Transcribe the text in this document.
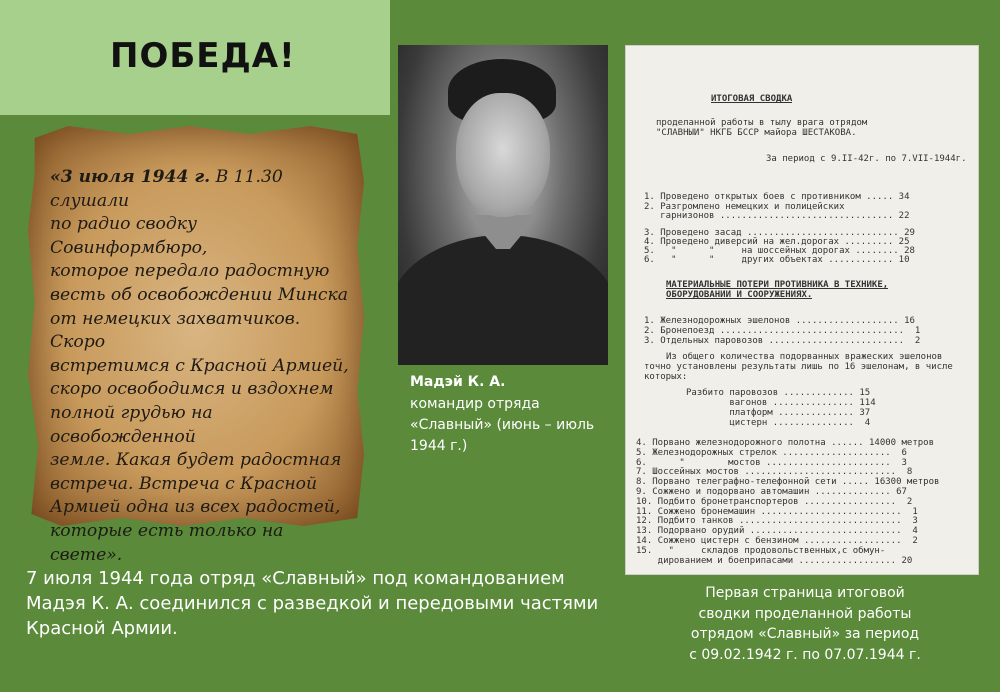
ПОБЕДА!
«3 июля 1944 г. В 11.30 слушали
по радио сводку Совинформбюро,
которое передало радостную
весть об освобождении Минска
от немецких захватчиков. Скоро
встретимся с Красной Армией,
скоро освободимся и вздохнем
полной грудью на освобожденной
земле. Какая будет радостная
встреча. Встреча с Красной
Армией одна из всех радостей,
которые есть только на свете».
Мадэй К. А.
командир отряда
«Славный» (июнь – июль
1944 г.)
ИТОГОВАЯ СВОДКА
проделанной работы в тылу врага отрядом
"СЛАВНЫЙ" НКГБ БССР майора ШЕСТАКОВА.
За период с 9.II-42г. по 7.VII-1944г.
1. Проведено открытых боев с противником ..... 34
2. Разгромлено немецких и полицейских
гарнизонов ................................ 22
3. Проведено засад ............................ 29
4. Проведено диверсий на жел.дорогах ......... 25
5.   "      "     на шоссейных дорогах ........ 28
6.   "      "     других объектах ............ 10
МАТЕРИАЛЬНЫЕ ПОТЕРИ ПРОТИВНИКА В ТЕХНИКЕ,
ОБОРУДОВАНИИ И СООРУЖЕНИЯХ.
1. Железнодорожных эшелонов ................... 16
2. Бронепоезд ..................................  1
3. Отдельных паровозов .........................  2
Из общего количества подорванных вражеских эшелонов
точно установлены результаты лишь по 16 эшелонам, в числе
которых:
Разбито паровозов ............. 15
вагонов ............... 114
платформ .............. 37
цистерн ...............  4
4. Порвано железнодорожного полотна ...... 14000 метров
5. Железнодорожных стрелок ....................  6
6.      "        мостов .......................  3
7. Шоссейных мостов ............................  8
8. Порвано телеграфно-телефонной сети ..... 16300 метров
9. Сожжено и подорвано автомашин .............. 67
10. Подбито бронетранспортеров .................  2
11. Сожжено бронемашин ..........................  1
12. Подбито танков ..............................  3
13. Подорвано орудий ............................  4
14. Сожжено цистерн с бензином ..................  2
15.   "     складов продовольственных,с обмун-
дированием и боеприпасами .................. 20
Первая страница итоговой
сводки проделанной работы
отрядом «Славный» за период
с 09.02.1942 г. по 07.07.1944 г.
7 июля 1944 года отряд «Славный» под командованием
Мадэя К. А. соединился с разведкой и передовыми частями
Красной Армии.
